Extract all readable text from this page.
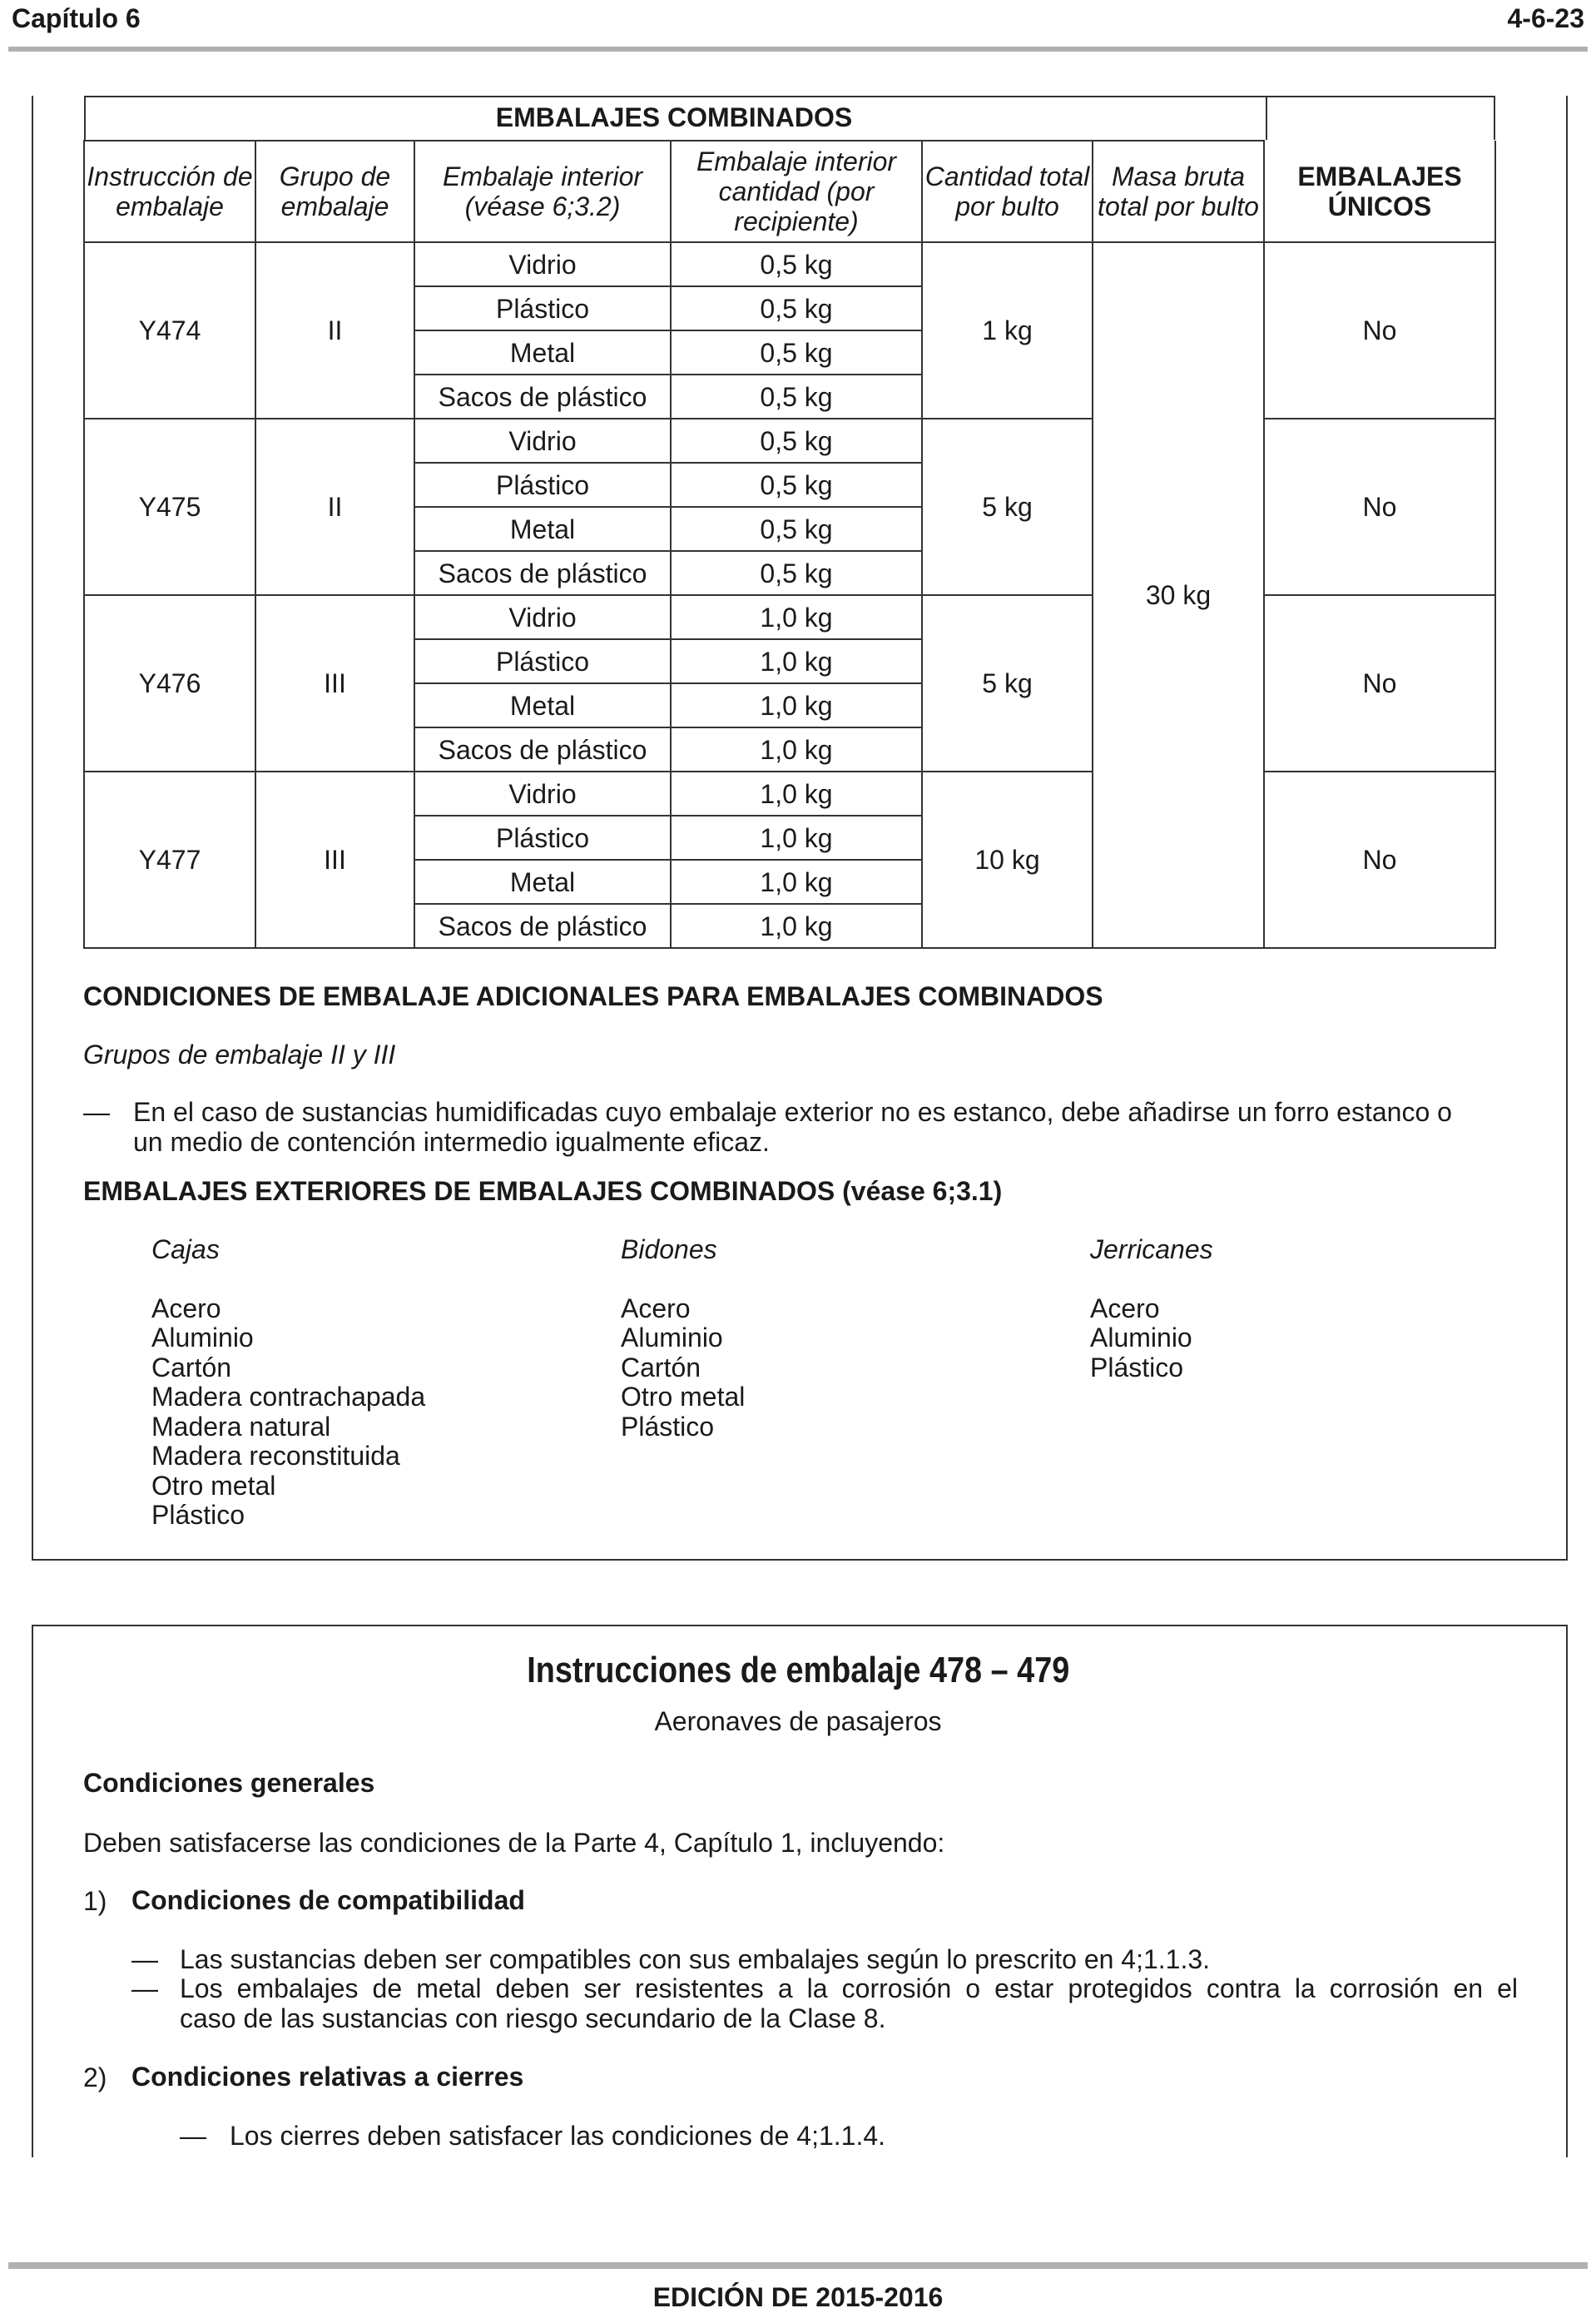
Capítulo 6	4-6-23
EMBALAJES COMBINADOS						

Instrucción de embalaje	Grupo de embalaje	Embalaje interior (véase 6;3.2)	Embalaje interior cantidad (por recipiente)	Cantidad total por bulto	Masa bruta total por bulto	EMBALAJES ÚNICOS
Y474	II	Vidrio	0,5 kg	1 kg	30 kg	No
		Plástico	0,5 kg			
		Metal	0,5 kg			
		Sacos de plástico	0,5 kg			
Y475	II	Vidrio	0,5 kg	5 kg		No
		Plástico	0,5 kg			
		Metal	0,5 kg			
		Sacos de plástico	0,5 kg			
Y476	III	Vidrio	1,0 kg	5 kg		No
		Plástico	1,0 kg			
		Metal	1,0 kg			
		Sacos de plástico	1,0 kg			
Y477	III	Vidrio	1,0 kg	10 kg		No
		Plástico	1,0 kg			
		Metal	1,0 kg			
		Sacos de plástico	1,0 kg			
CONDICIONES DE EMBALAJE ADICIONALES PARA EMBALAJES COMBINADOS
Grupos de embalaje II y III
— En el caso de sustancias humidificadas cuyo embalaje exterior no es estanco, debe añadirse un forro estanco o
un medio de contención intermedio igualmente eficaz.
EMBALAJES EXTERIORES DE EMBALAJES COMBINADOS (véase 6;3.1)
Cajas
Acero
Aluminio
Cartón
Madera contrachapada
Madera natural
Madera reconstituida
Otro metal
Plástico
Bidones
Acero
Aluminio
Cartón
Otro metal
Plástico
Jerricanes
Acero
Aluminio
Plástico
Instrucciones de embalaje 478 – 479
Aeronaves de pasajeros
Condiciones generales
Deben satisfacerse las condiciones de la Parte 4, Capítulo 1, incluyendo:
1) Condiciones de compatibilidad
— Las sustancias deben ser compatibles con sus embalajes según lo prescrito en 4;1.1.3.
— Los embalajes de metal deben ser resistentes a la corrosión o estar protegidos contra la corrosión en el
caso de las sustancias con riesgo secundario de la Clase 8.
2) Condiciones relativas a cierres
— Los cierres deben satisfacer las condiciones de 4;1.1.4.
EDICIÓN DE 2015-2016
